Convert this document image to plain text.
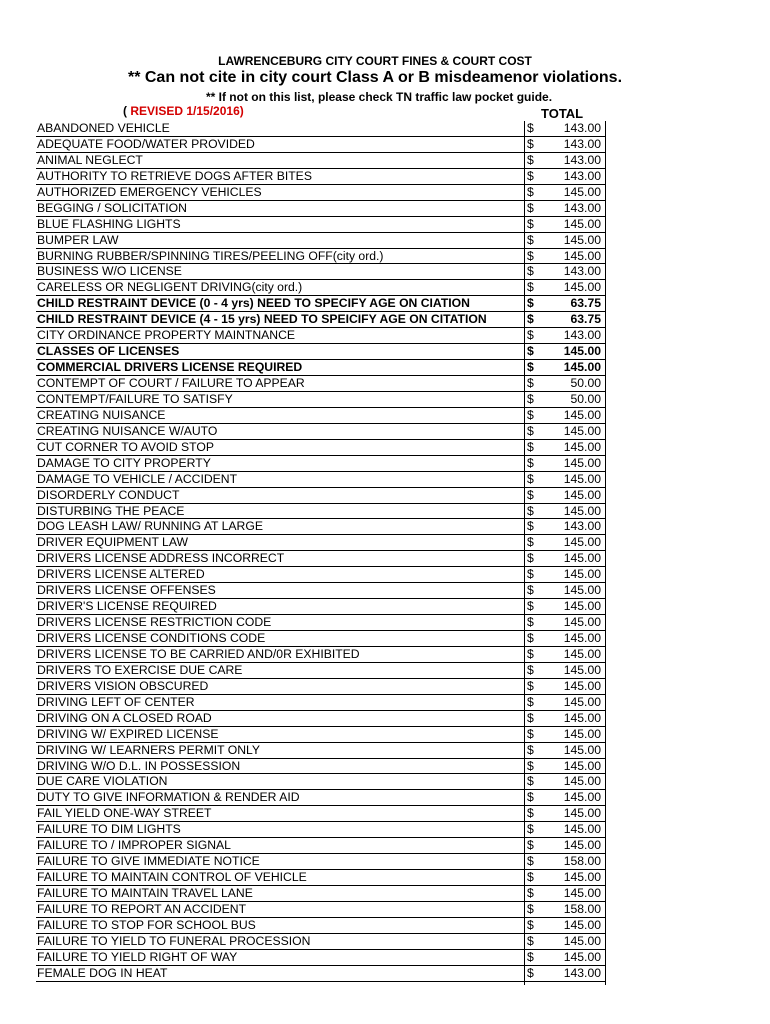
LAWRENCEBURG CITY COURT FINES & COURT COST
** Can not cite in city court Class A or B misdeamenor violations.
** If not on this list, please check TN traffic law pocket guide.
( REVISED 1/15/2016)	TOTAL
ABANDONED VEHICLE	$ 143.00
ADEQUATE FOOD/WATER PROVIDED	$ 143.00
ANIMAL NEGLECT	$ 143.00
AUTHORITY TO RETRIEVE DOGS AFTER BITES	$ 143.00
AUTHORIZED EMERGENCY VEHICLES	$ 145.00
BEGGING / SOLICITATION	$ 143.00
BLUE FLASHING LIGHTS	$ 145.00
BUMPER LAW	$ 145.00
BURNING RUBBER/SPINNING TIRES/PEELING OFF(city ord.)	$ 145.00
BUSINESS W/O LICENSE	$ 143.00
CARELESS OR NEGLIGENT DRIVING(city ord.)	$ 145.00
CHILD RESTRAINT DEVICE (0 - 4 yrs) NEED TO SPECIFY AGE ON CIATION	$	63.75
CHILD RESTRAINT DEVICE (4 - 15 yrs) NEED TO SPEICIFY AGE ON CITATION	$	63.75
CITY ORDINANCE PROPERTY MAINTNANCE	$ 143.00
CLASSES OF LICENSES	$ 145.00
COMMERCIAL DRIVERS LICENSE REQUIRED	$ 145.00
CONTEMPT OF COURT / FAILURE TO APPEAR	$	50.00
CONTEMPT/FAILURE TO SATISFY	$	50.00
CREATING NUISANCE	$ 145.00
CREATING NUISANCE W/AUTO	$ 145.00
CUT CORNER TO AVOID STOP	$ 145.00
DAMAGE TO CITY PROPERTY	$ 145.00
DAMAGE TO VEHICLE / ACCIDENT	$ 145.00
DISORDERLY CONDUCT	$ 145.00
DISTURBING THE PEACE	$ 145.00
DOG LEASH LAW/ RUNNING AT LARGE	$ 143.00
DRIVER EQUIPMENT LAW	$ 145.00
DRIVERS LICENSE ADDRESS INCORRECT	$ 145.00
DRIVERS LICENSE ALTERED	$ 145.00
DRIVERS LICENSE OFFENSES	$ 145.00
DRIVER'S LICENSE REQUIRED	$ 145.00
DRIVERS LICENSE RESTRICTION CODE	$ 145.00
DRIVERS LICENSE CONDITIONS CODE	$ 145.00
DRIVERS LICENSE TO BE CARRIED AND/0R EXHIBITED	$ 145.00
DRIVERS TO EXERCISE DUE CARE	$ 145.00
DRIVERS VISION OBSCURED	$ 145.00
DRIVING LEFT OF CENTER	$ 145.00
DRIVING ON A CLOSED ROAD	$ 145.00
DRIVING W/ EXPIRED LICENSE	$ 145.00
DRIVING W/ LEARNERS PERMIT ONLY	$ 145.00
DRIVING W/O D.L. IN POSSESSION	$ 145.00
DUE CARE VIOLATION	$ 145.00
DUTY TO GIVE INFORMATION & RENDER AID	$ 145.00
FAIL YIELD ONE-WAY STREET	$ 145.00
FAILURE TO DIM LIGHTS	$ 145.00
FAILURE TO / IMPROPER SIGNAL	$ 145.00
FAILURE TO GIVE IMMEDIATE NOTICE	$ 158.00
FAILURE TO MAINTAIN CONTROL OF VEHICLE	$ 145.00
FAILURE TO MAINTAIN TRAVEL LANE	$ 145.00
FAILURE TO REPORT AN ACCIDENT	$ 158.00
FAILURE TO STOP FOR SCHOOL BUS	$ 145.00
FAILURE TO YIELD TO FUNERAL PROCESSION	$ 145.00
FAILURE TO YIELD RIGHT OF WAY	$ 145.00
FEMALE DOG IN HEAT	$ 143.00
